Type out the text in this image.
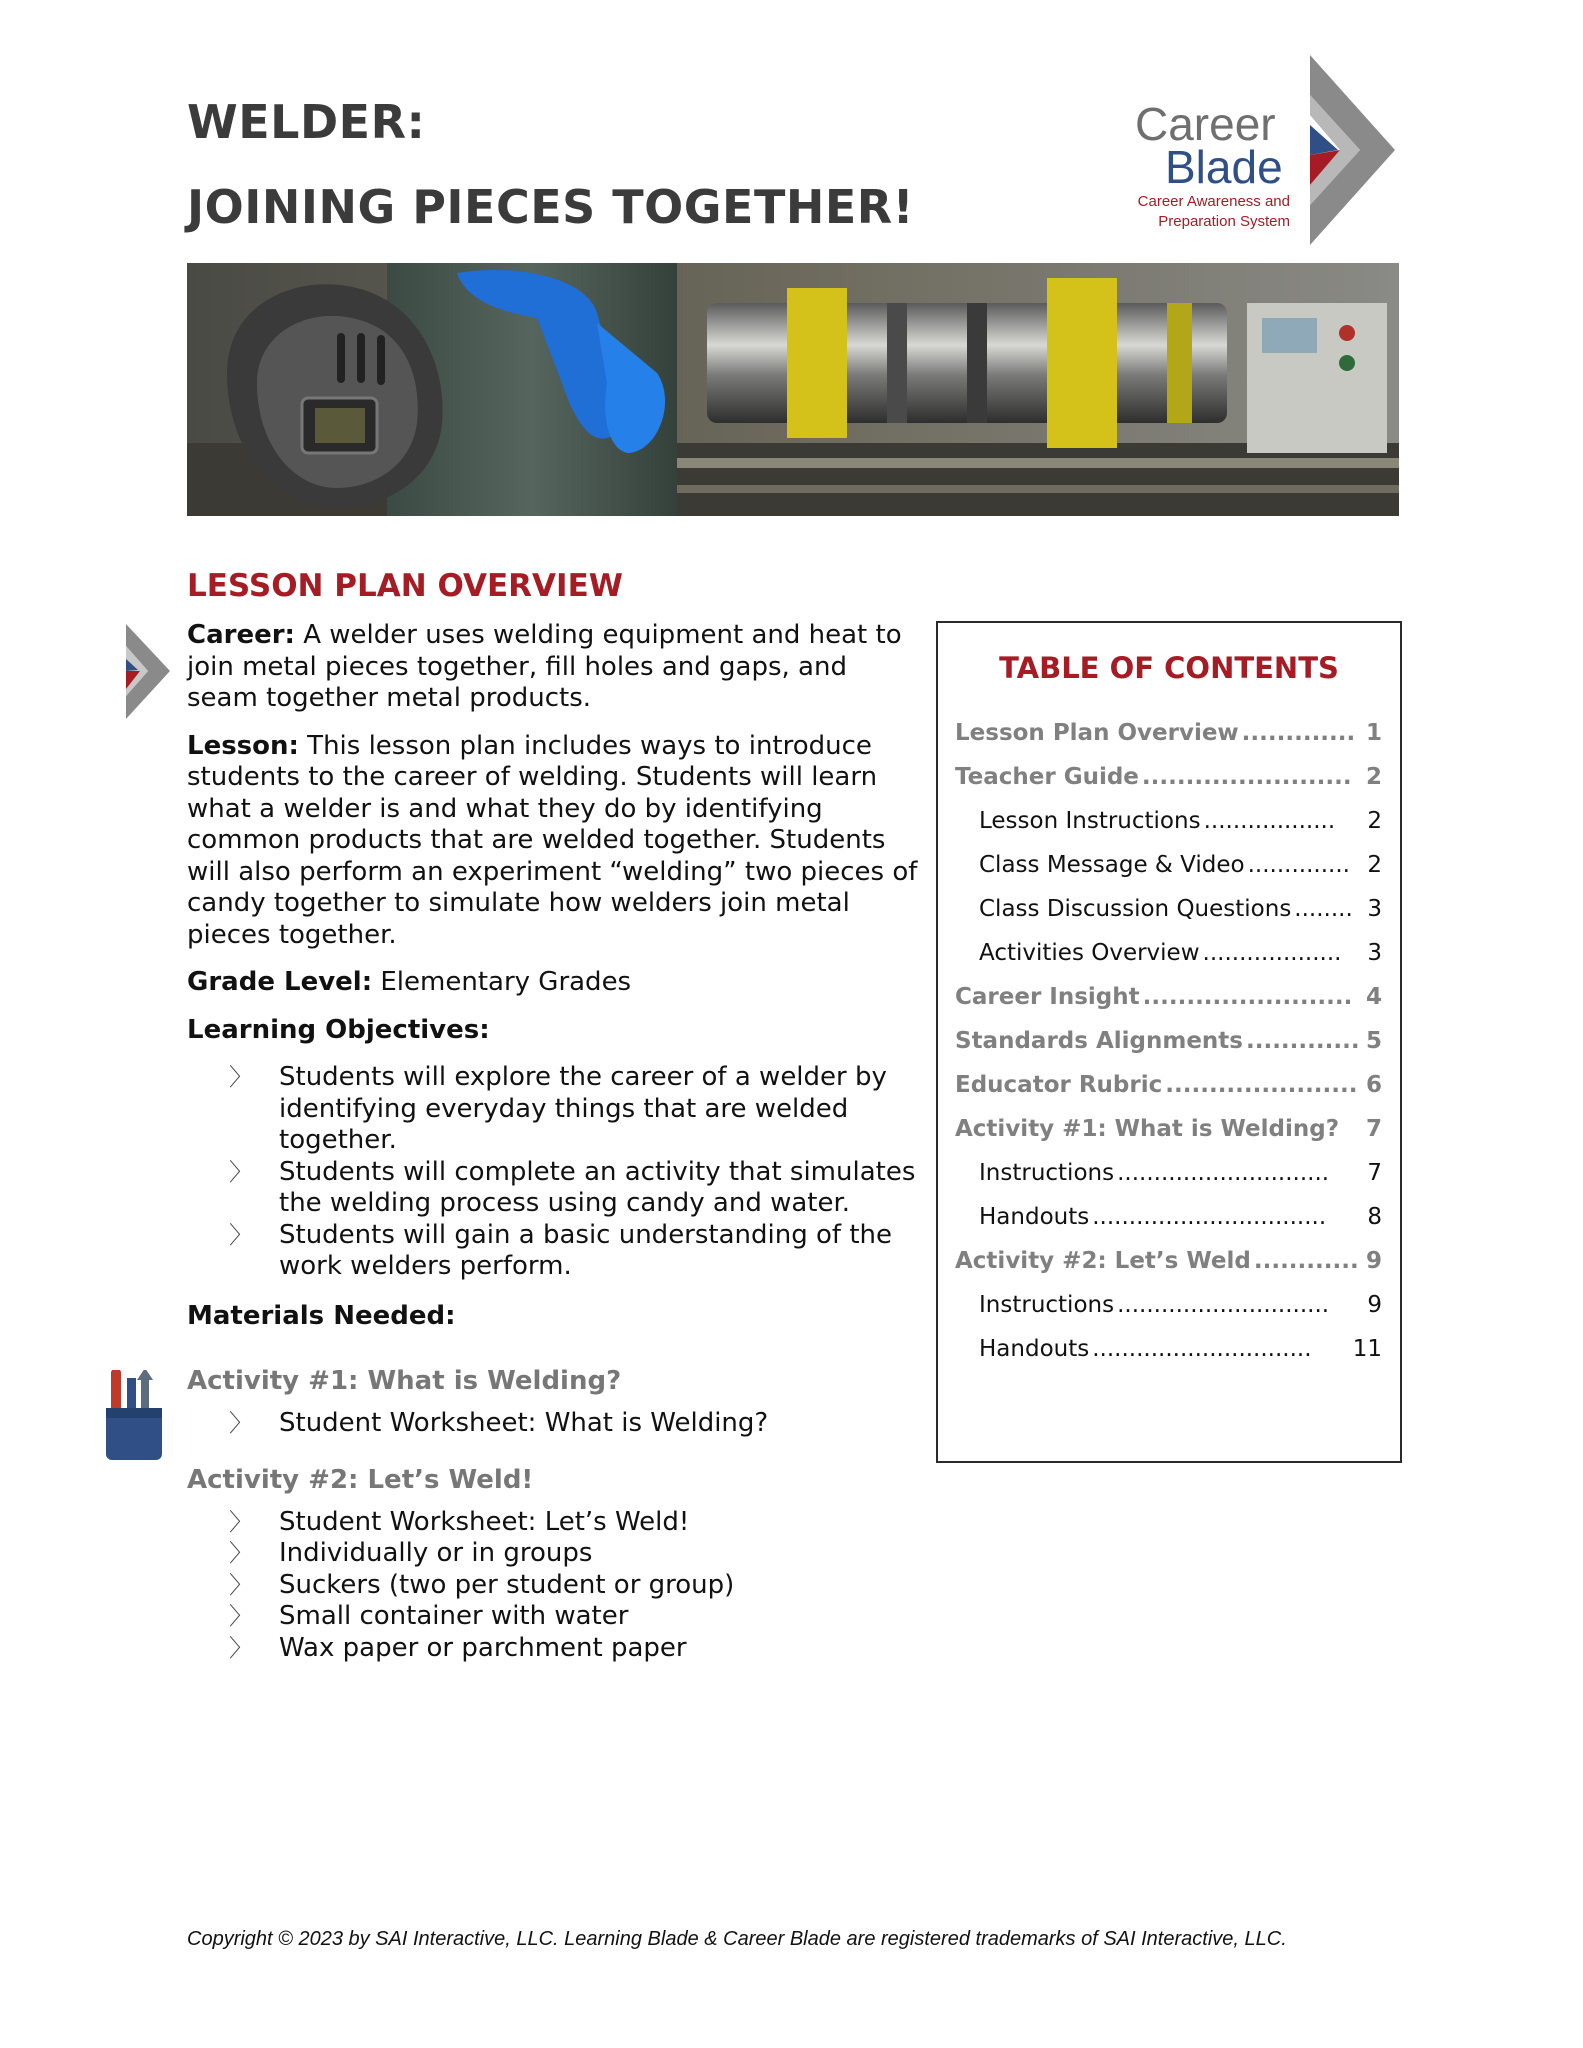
WELDER:
JOINING PIECES TOGETHER!
Career
Blade
Career Awareness and
Preparation System
LESSON PLAN OVERVIEW

Career: A welder uses welding equipment and heat to join metal pieces together, fill holes and gaps, and seam together metal products.

Lesson: This lesson plan includes ways to introduce students to the career of welding. Students will learn what a welder is and what they do by identifying common products that are welded together. Students will also perform an experiment “welding” two pieces of candy together to simulate how welders join metal pieces together.

Grade Level: Elementary Grades

Learning Objectives:

〉 Students will explore the career of a welder by identifying everyday things that are welded together.
〉 Students will complete an activity that simulates the welding process using candy and water.
〉 Students will gain a basic understanding of the work welders perform.

Materials Needed:

Activity #1: What is Welding?

〉 Student Worksheet: What is Welding?

Activity #2: Let’s Weld!

〉 Student Worksheet: Let’s Weld!
〉 Individually or in groups
〉 Suckers (two per student or group)
〉 Small container with water
〉 Wax paper or parchment paper
TABLE OF CONTENTS
Lesson Plan Overview ............. 1
Teacher Guide ........................ 2
Lesson Instructions ..................	2
Class Message & Video .............. 2
Class Discussion Questions ........ 3
Activities Overview ...................	3
Career Insight ........................ 4
Standards Alignments ............. 5
Educator Rubric ...................... 6
Activity #1: What is Welding? 7
Instructions .............................	7
Handouts ................................	8
Activity #2: Let’s Weld ............ 9
Instructions .............................	9
Handouts ..............................	11
Copyright © 2023 by SAI Interactive, LLC. Learning Blade & Career Blade are registered trademarks of SAI Interactive, LLC.
